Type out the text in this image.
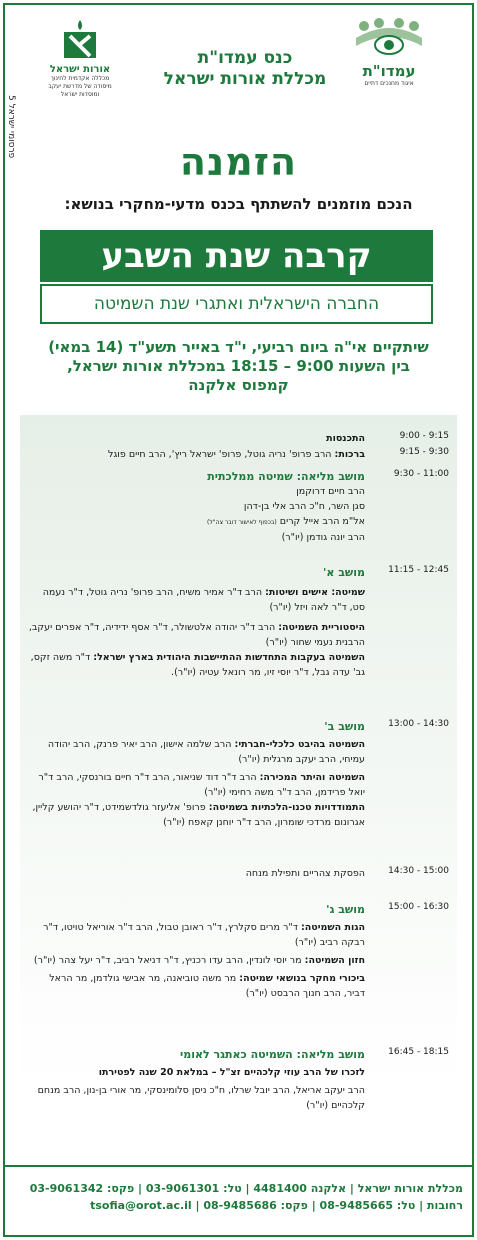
פרסומי ישראל 5
עמדו"ת
איגוד מחנכים דתיים
כנס עמדו"ת
מכללת אורות ישראל
אורות ישראל
מכללה אקדמית לחינוך
מיסודה של מדרשת יעקב ומוסדות ישראל
הזמנה
הנכם מוזמנים להשתתף בכנס מדעי-מחקרי בנושא:
קרבה שנת השבע
החברה הישראלית ואתגרי שנת השמיטה
שיתקיים אי"ה ביום רביעי, י"ד באייר תשע"ד (14 במאי)
בין השעות 9:00 – 18:15 במכללת אורות ישראל,
קמפוס אלקנה
9:00 - 9:15
התכנסות
9:15 - 9:30
ברכות: הרב פרופ' נריה גוטל, פרופ' ישראל ריץ', הרב חיים פוגל
9:30 - 11:00
מושב מליאה: שמיטה ממלכתית
הרב חיים דרוקמן
סגן השר, ח"כ הרב אלי בן-דהן
אל"מ הרב אייל קרים (בכפוף לאישור דובר צה"ל)
הרב יונה גודמן (יו"ר)
11:15 - 12:45
מושב א'
שמיטה: אישים ושיטות: הרב ד"ר אמיר משיח, הרב פרופ' נריה גוטל, ד"ר נעמה סט, ד"ר לאה ויזל (יו"ר)
היסטוריית השמיטה: הרב ד"ר יהודה אלטשולר, ד"ר אסף ידידיה, ד"ר אפרים יעקב, הרבנית נעמי שחור (יו"ר)
השמיטה בעקבות התחדשות ההתיישבות היהודית בארץ ישראל: ד"ר משה זקס, גב' עדה גבל, ד"ר יוסי זיו, מר רונאל עטיה (יו"ר).
13:00 - 14:30
מושב ב'
השמיטה בהיבט כלכלי-חברתי: הרב שלמה אישון, הרב יאיר פרנק, הרב יהודה עמיחי, הרב יעקב מרגלית (יו"ר)
השמיטה והיתר המכירה: הרב ד"ר דוד שניאור, הרב ד"ר חיים בורנסקי, הרב ד"ר יואל פרידמן, הרב ד"ר משה רחימי (יו"ר)
התמודדויות טכנו-הלכתיות בשמיטה: פרופ' אליעזר גולדשמידט, ד"ר יהושע קליין, אגרונום מרדכי שומרון, הרב ד"ר יוחנן קאפח (יו"ר)
14:30 - 15:00
הפסקת צהריים ותפילת מנחה
15:00 - 16:30
מושב ג'
הגות השמיטה: ד"ר מרים סקלרץ, ד"ר ראובן טבול, הרב ד"ר אוריאל טויטו, ד"ר רבקה רביב (יו"ר)
חזון השמיטה: מר יוסי לונדין, הרב עדו רכניץ, ד"ר דניאל רביב, ד"ר יעל צהר (יו"ר)
ביכורי מחקר בנושאי שמיטה: מר משה טוביאנה, מר אבישי גולדמן, מר הראל דביר, הרב חנוך הרבסט (יו"ר)
16:45 - 18:15
מושב מליאה: השמיטה כאתגר לאומי
לזכרו של הרב עוזי קלכהיים זצ"ל – במלאת 20 שנה לפטירתו
הרב יעקב אריאל, הרב יובל שרלו, ח"כ ניסן סלומינסקי, מר אורי בן-נון, הרב מנחם קלכהיים (יו"ר)
מכללת אורות ישראל | אלקנה 4481400 | טל: 03-9061301 | פקס: 03-9061342
רחובות | טל: 08-9485665 | פקס: 08-9485686 | tsofia@orot.ac.il
